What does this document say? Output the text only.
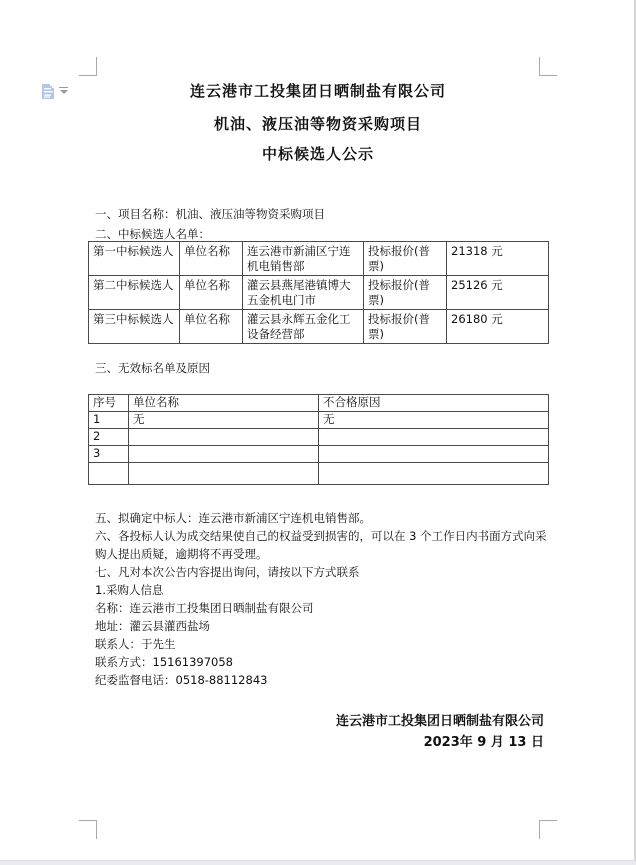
连云港市工投集团日晒制盐有限公司
机油、液压油等物资采购项目
中标候选人公示
一、项目名称：机油、液压油等物资采购项目
二、中标候选人名单：
第一中标候选人	单位名称	连云港市新浦区宁连机电销售部	投标报价(普票)	21318 元
第二中标候选人	单位名称	灌云县燕尾港镇博大五金机电门市	投标报价(普票)	25126 元
第三中标候选人	单位名称	灌云县永辉五金化工设备经营部	投标报价(普票)	26180 元
三、无效标名单及原因
序号	单位名称	不合格原因
1	无	无
2		
3		

五、拟确定中标人：连云港市新浦区宁连机电销售部。

六、各投标人认为成交结果使自己的权益受到损害的，可以在 3 个工作日内书面方式向采购人提出质疑，逾期将不再受理。

七、凡对本次公告内容提出询问，请按以下方式联系

1.采购人信息

名称：连云港市工投集团日晒制盐有限公司

地址：灌云县灌西盐场

联系人：于先生

联系方式：15161397058

纪委监督电话：0518-88112843

连云港市工投集团日晒制盐有限公司
2023年 9 月 13 日
